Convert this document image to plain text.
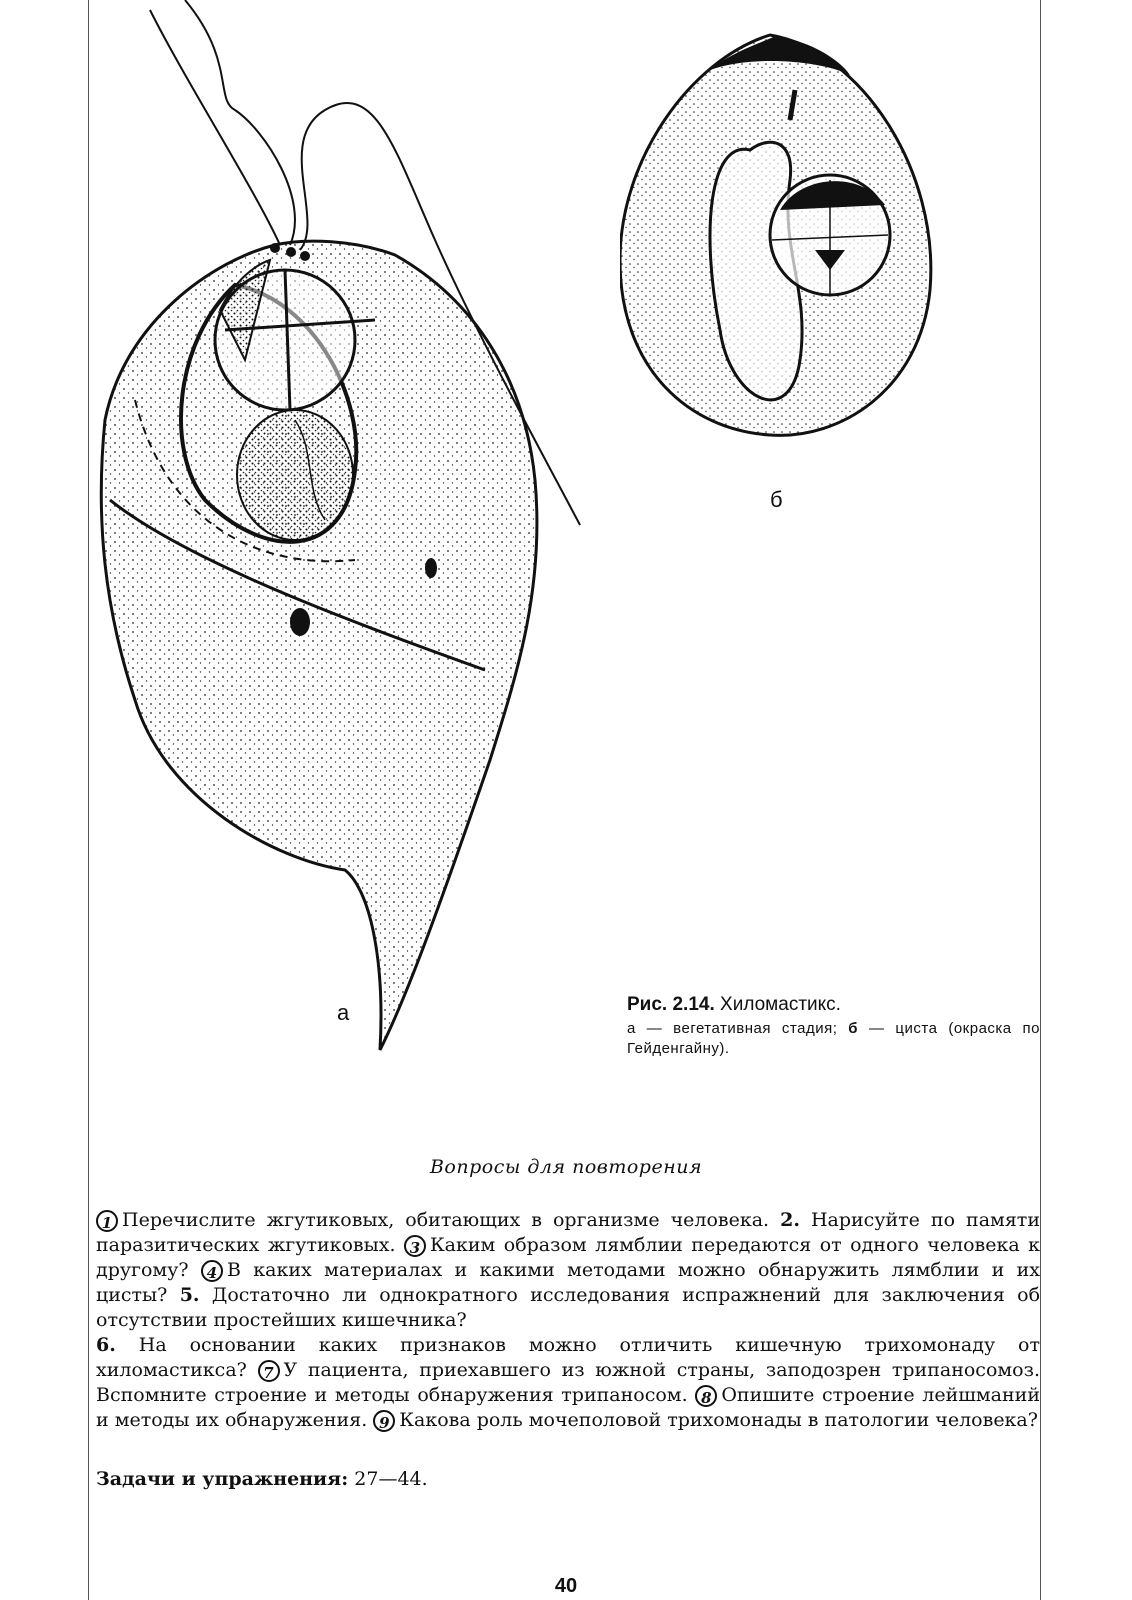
а
б
Рис. 2.14. Хиломастикс.
а — вегетативная стадия; б — циста (окраска по Гейденгайну).
Вопросы для повторения
1 Перечислите жгутиковых, обитающих в организме человека. 2. Нарисуйте по памяти паразитических жгутиковых. 3 Каким образом лямблии передаются от одного человека к другому? 4 В каких материалах и какими методами можно обнаружить лямблии и их цисты? 5. Достаточно ли однократного исследования испражнений для заключения об отсутствии простейших кишечника?
6. На основании каких признаков можно отличить кишечную трихомонаду от хиломастикса? 7 У пациента, приехавшего из южной страны, заподозрен трипаносомоз. Вспомните строение и методы обнаружения трипаносом. 8 Опишите строение лейшманий и методы их обнаружения. 9 Какова роль мочеполовой трихомонады в патологии человека?
Задачи и упражнения: 27—44.
40
